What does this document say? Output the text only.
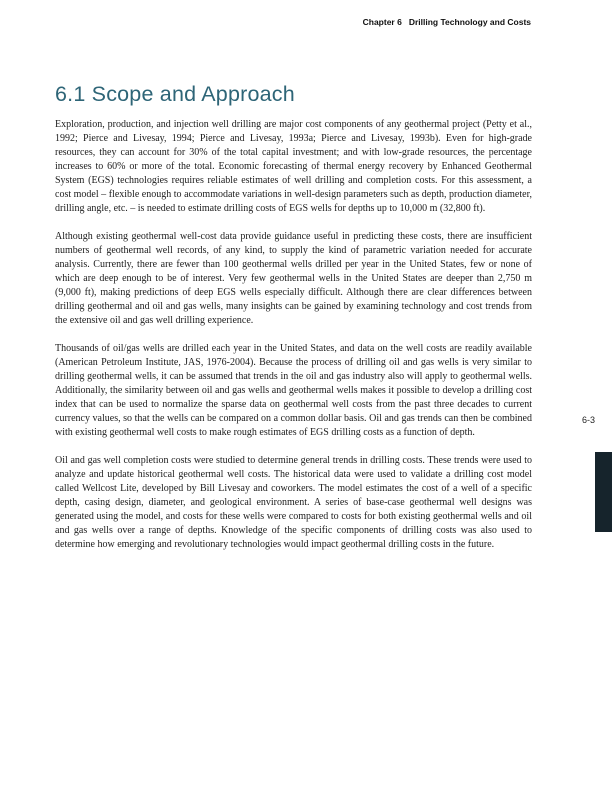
Chapter 6 Drilling Technology and Costs
6.1 Scope and Approach

Exploration, production, and injection well drilling are major cost components of any geothermal project (Petty et al., 1992; Pierce and Livesay, 1994; Pierce and Livesay, 1993a; Pierce and Livesay, 1993b). Even for high-grade resources, they can account for 30% of the total capital investment; and with low-grade resources, the percentage increases to 60% or more of the total. Economic forecasting of thermal energy recovery by Enhanced Geothermal System (EGS) technologies requires reliable estimates of well drilling and completion costs. For this assessment, a cost model – flexible enough to accommodate variations in well-design parameters such as depth, production diameter, drilling angle, etc. – is needed to estimate drilling costs of EGS wells for depths up to 10,000 m (32,800 ft).

Although existing geothermal well-cost data provide guidance useful in predicting these costs, there are insufficient numbers of geothermal well records, of any kind, to supply the kind of parametric variation needed for accurate analysis. Currently, there are fewer than 100 geothermal wells drilled per year in the United States, few or none of which are deep enough to be of interest. Very few geothermal wells in the United States are deeper than 2,750 m (9,000 ft), making predictions of deep EGS wells especially difficult. Although there are clear differences between drilling geothermal and oil and gas wells, many insights can be gained by examining technology and cost trends from the extensive oil and gas well drilling experience.

Thousands of oil/gas wells are drilled each year in the United States, and data on the well costs are readily available (American Petroleum Institute, JAS, 1976-2004). Because the process of drilling oil and gas wells is very similar to drilling geothermal wells, it can be assumed that trends in the oil and gas industry also will apply to geothermal wells. Additionally, the similarity between oil and gas wells and geothermal wells makes it possible to develop a drilling cost index that can be used to normalize the sparse data on geothermal well costs from the past three decades to current currency values, so that the wells can be compared on a common dollar basis. Oil and gas trends can then be combined with existing geothermal well costs to make rough estimates of EGS drilling costs as a function of depth.

Oil and gas well completion costs were studied to determine general trends in drilling costs. These trends were used to analyze and update historical geothermal well costs. The historical data were used to validate a drilling cost model called Wellcost Lite, developed by Bill Livesay and coworkers. The model estimates the cost of a well of a specific depth, casing design, diameter, and geological environment. A series of base-case geothermal well designs was generated using the model, and costs for these wells were compared to costs for both existing geothermal wells and oil and gas wells over a range of depths. Knowledge of the specific components of drilling costs was also used to determine how emerging and revolutionary technologies would impact geothermal drilling costs in the future.

6-3
